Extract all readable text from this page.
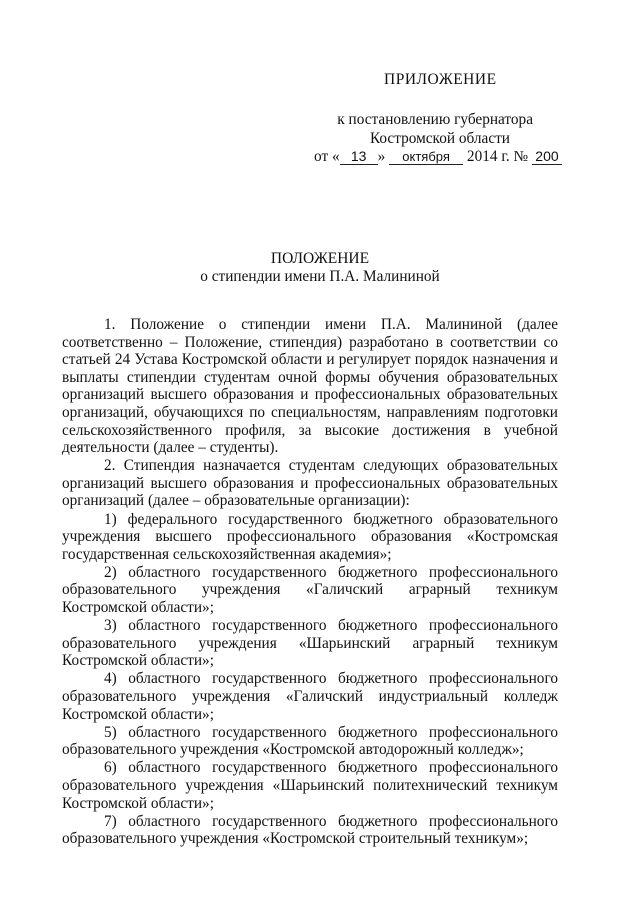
ПРИЛОЖЕНИЕ
к постановлению губернатора
Костромской области
от « 13 » октября 2014 г. № 200
ПОЛОЖЕНИЕ
о стипендии имени П.А. Малининой

1. Положение о стипендии имени П.А. Малининой (далее соответственно – Положение, стипендия) разработано в соответствии со статьей 24 Устава Костромской области и регулирует порядок назначения и выплаты стипендии студентам очной формы обучения образовательных организаций высшего образования и профессиональных образовательных организаций, обучающихся по специальностям, направлениям подготовки сельскохозяйственного профиля, за высокие достижения в учебной деятельности (далее – студенты).

2. Стипендия назначается студентам следующих образовательных организаций высшего образования и профессиональных образовательных организаций (далее – образовательные организации):

1) федерального государственного бюджетного образовательного учреждения высшего профессионального образования «Костромская государственная сельскохозяйственная академия»;

2) областного государственного бюджетного профессионального образовательного учреждения «Галичский аграрный техникум Костромской области»;

3) областного государственного бюджетного профессионального образовательного учреждения «Шарьинский аграрный техникум Костромской области»;

4) областного государственного бюджетного профессионального образовательного учреждения «Галичский индустриальный колледж Костромской области»;

5) областного государственного бюджетного профессионального образовательного учреждения «Костромской автодорожный колледж»;

6) областного государственного бюджетного профессионального образовательного учреждения «Шарьинский политехнический техникум Костромской области»;

7) областного государственного бюджетного профессионального образовательного учреждения «Костромской строительный техникум»;
